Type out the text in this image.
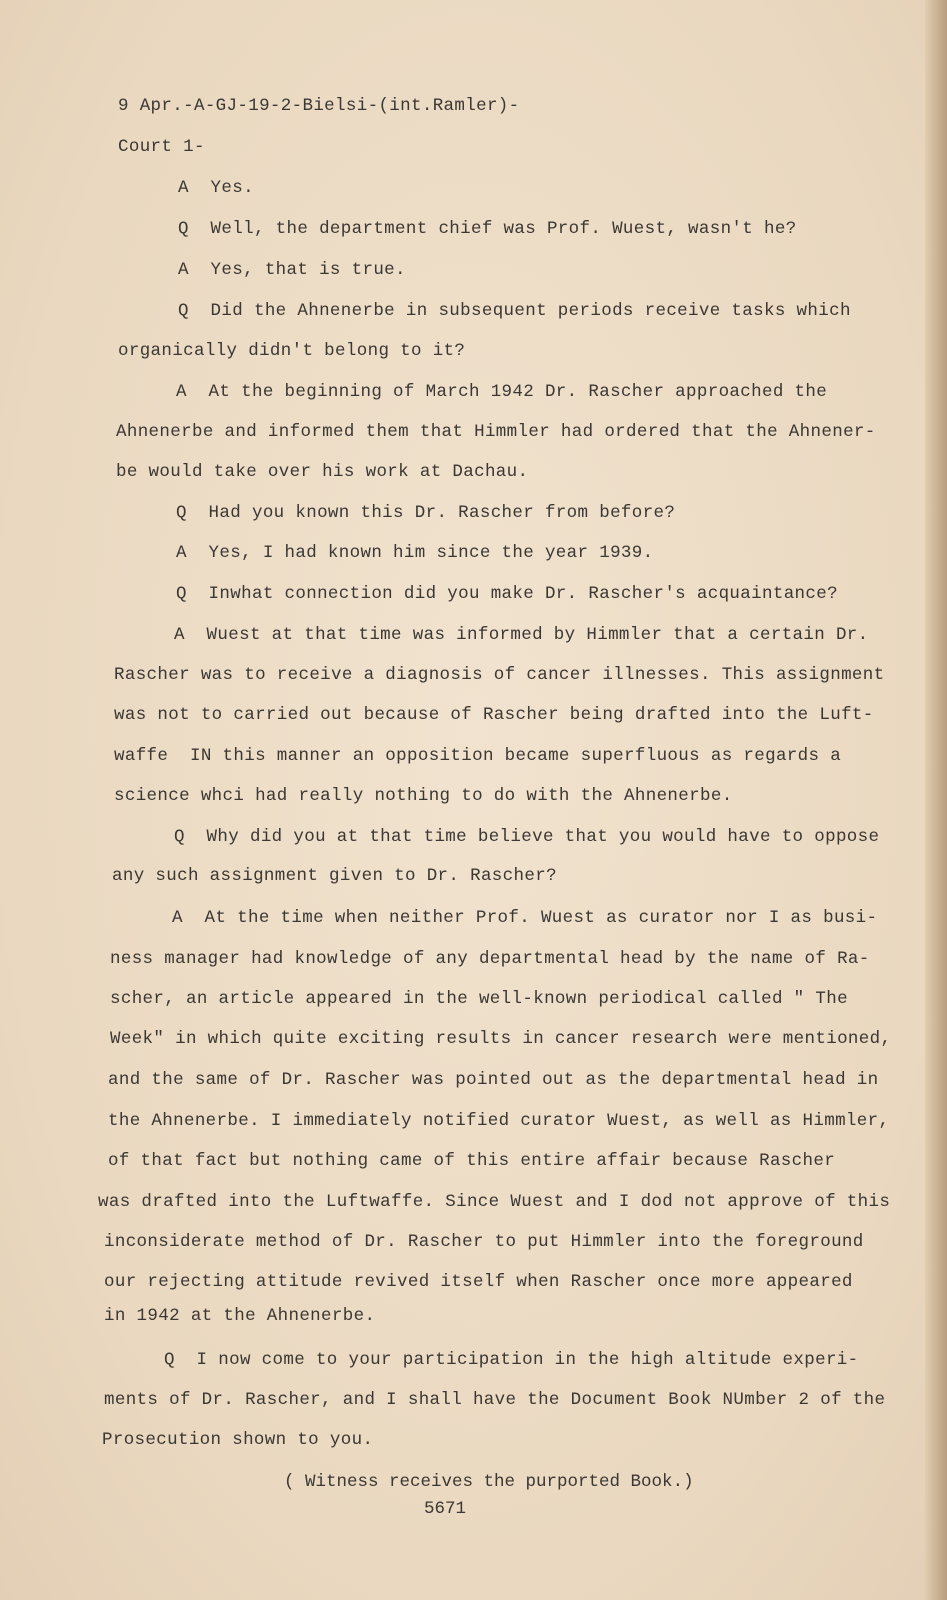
9 Apr.-A-GJ-19-2-Bielsi-(int.Ramler)-
Court 1-
A  Yes.
Q  Well, the department chief was Prof. Wuest, wasn't he?
A  Yes, that is true.
Q  Did the Ahnenerbe in subsequent periods receive tasks which
organically didn't belong to it?
A  At the beginning of March 1942 Dr. Rascher approached the
Ahnenerbe and informed them that Himmler had ordered that the Ahnener-
be would take over his work at Dachau.
Q  Had you known this Dr. Rascher from before?
A  Yes, I had known him since the year 1939.
Q  Inwhat connection did you make Dr. Rascher's acquaintance?
A  Wuest at that time was informed by Himmler that a certain Dr.
Rascher was to receive a diagnosis of cancer illnesses. This assignment
was not to carried out because of Rascher being drafted into the Luft-
waffe  IN this manner an opposition became superfluous as regards a
science whci had really nothing to do with the Ahnenerbe.
Q  Why did you at that time believe that you would have to oppose
any such assignment given to Dr. Rascher?
A  At the time when neither Prof. Wuest as curator nor I as busi-
ness manager had knowledge of any departmental head by the name of Ra-
scher, an article appeared in the well-known periodical called " The
Week" in which quite exciting results in cancer research were mentioned,
and the same of Dr. Rascher was pointed out as the departmental head in
the Ahnenerbe. I immediately notified curator Wuest, as well as Himmler,
of that fact but nothing came of this entire affair because Rascher
was drafted into the Luftwaffe. Since Wuest and I dod not approve of this
inconsiderate method of Dr. Rascher to put Himmler into the foreground
our rejecting attitude revived itself when Rascher once more appeared
in 1942 at the Ahnenerbe.
Q  I now come to your participation in the high altitude experi-
ments of Dr. Rascher, and I shall have the Document Book NUmber 2 of the
Prosecution shown to you.
( Witness receives the purported Book.)
5671
